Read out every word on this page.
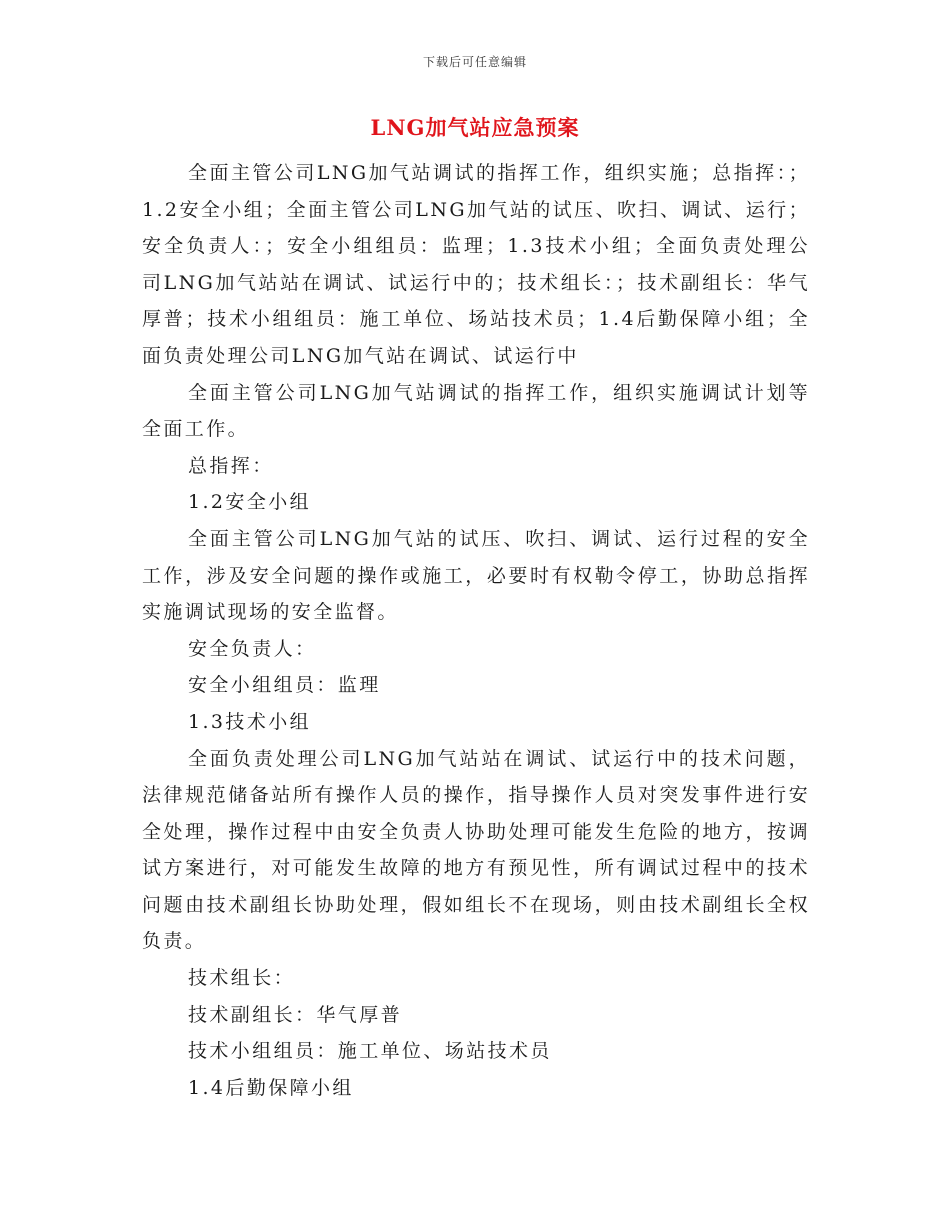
下载后可任意编辑
LNG加气站应急预案

全面主管公司LNG加气站调试的指挥工作，组织实施；总指挥：；1.2安全小组；全面主管公司LNG加气站的试压、吹扫、调试、运行；安全负责人：；安全小组组员：监理；1.3技术小组；全面负责处理公司LNG加气站站在调试、试运行中的；技术组长：；技术副组长：华气厚普；技术小组组员：施工单位、场站技术员；1.4后勤保障小组；全面负责处理公司LNG加气站在调试、试运行中

全面主管公司LNG加气站调试的指挥工作，组织实施调试计划等全面工作。

总指挥：

1.2安全小组

全面主管公司LNG加气站的试压、吹扫、调试、运行过程的安全工作，涉及安全问题的操作或施工，必要时有权勒令停工，协助总指挥实施调试现场的安全监督。

安全负责人：

安全小组组员：监理

1.3技术小组

全面负责处理公司LNG加气站站在调试、试运行中的技术问题，法律规范储备站所有操作人员的操作，指导操作人员对突发事件进行安全处理，操作过程中由安全负责人协助处理可能发生危险的地方，按调试方案进行，对可能发生故障的地方有预见性，所有调试过程中的技术问题由技术副组长协助处理，假如组长不在现场，则由技术副组长全权负责。

技术组长：

技术副组长：华气厚普

技术小组组员：施工单位、场站技术员

1.4后勤保障小组
